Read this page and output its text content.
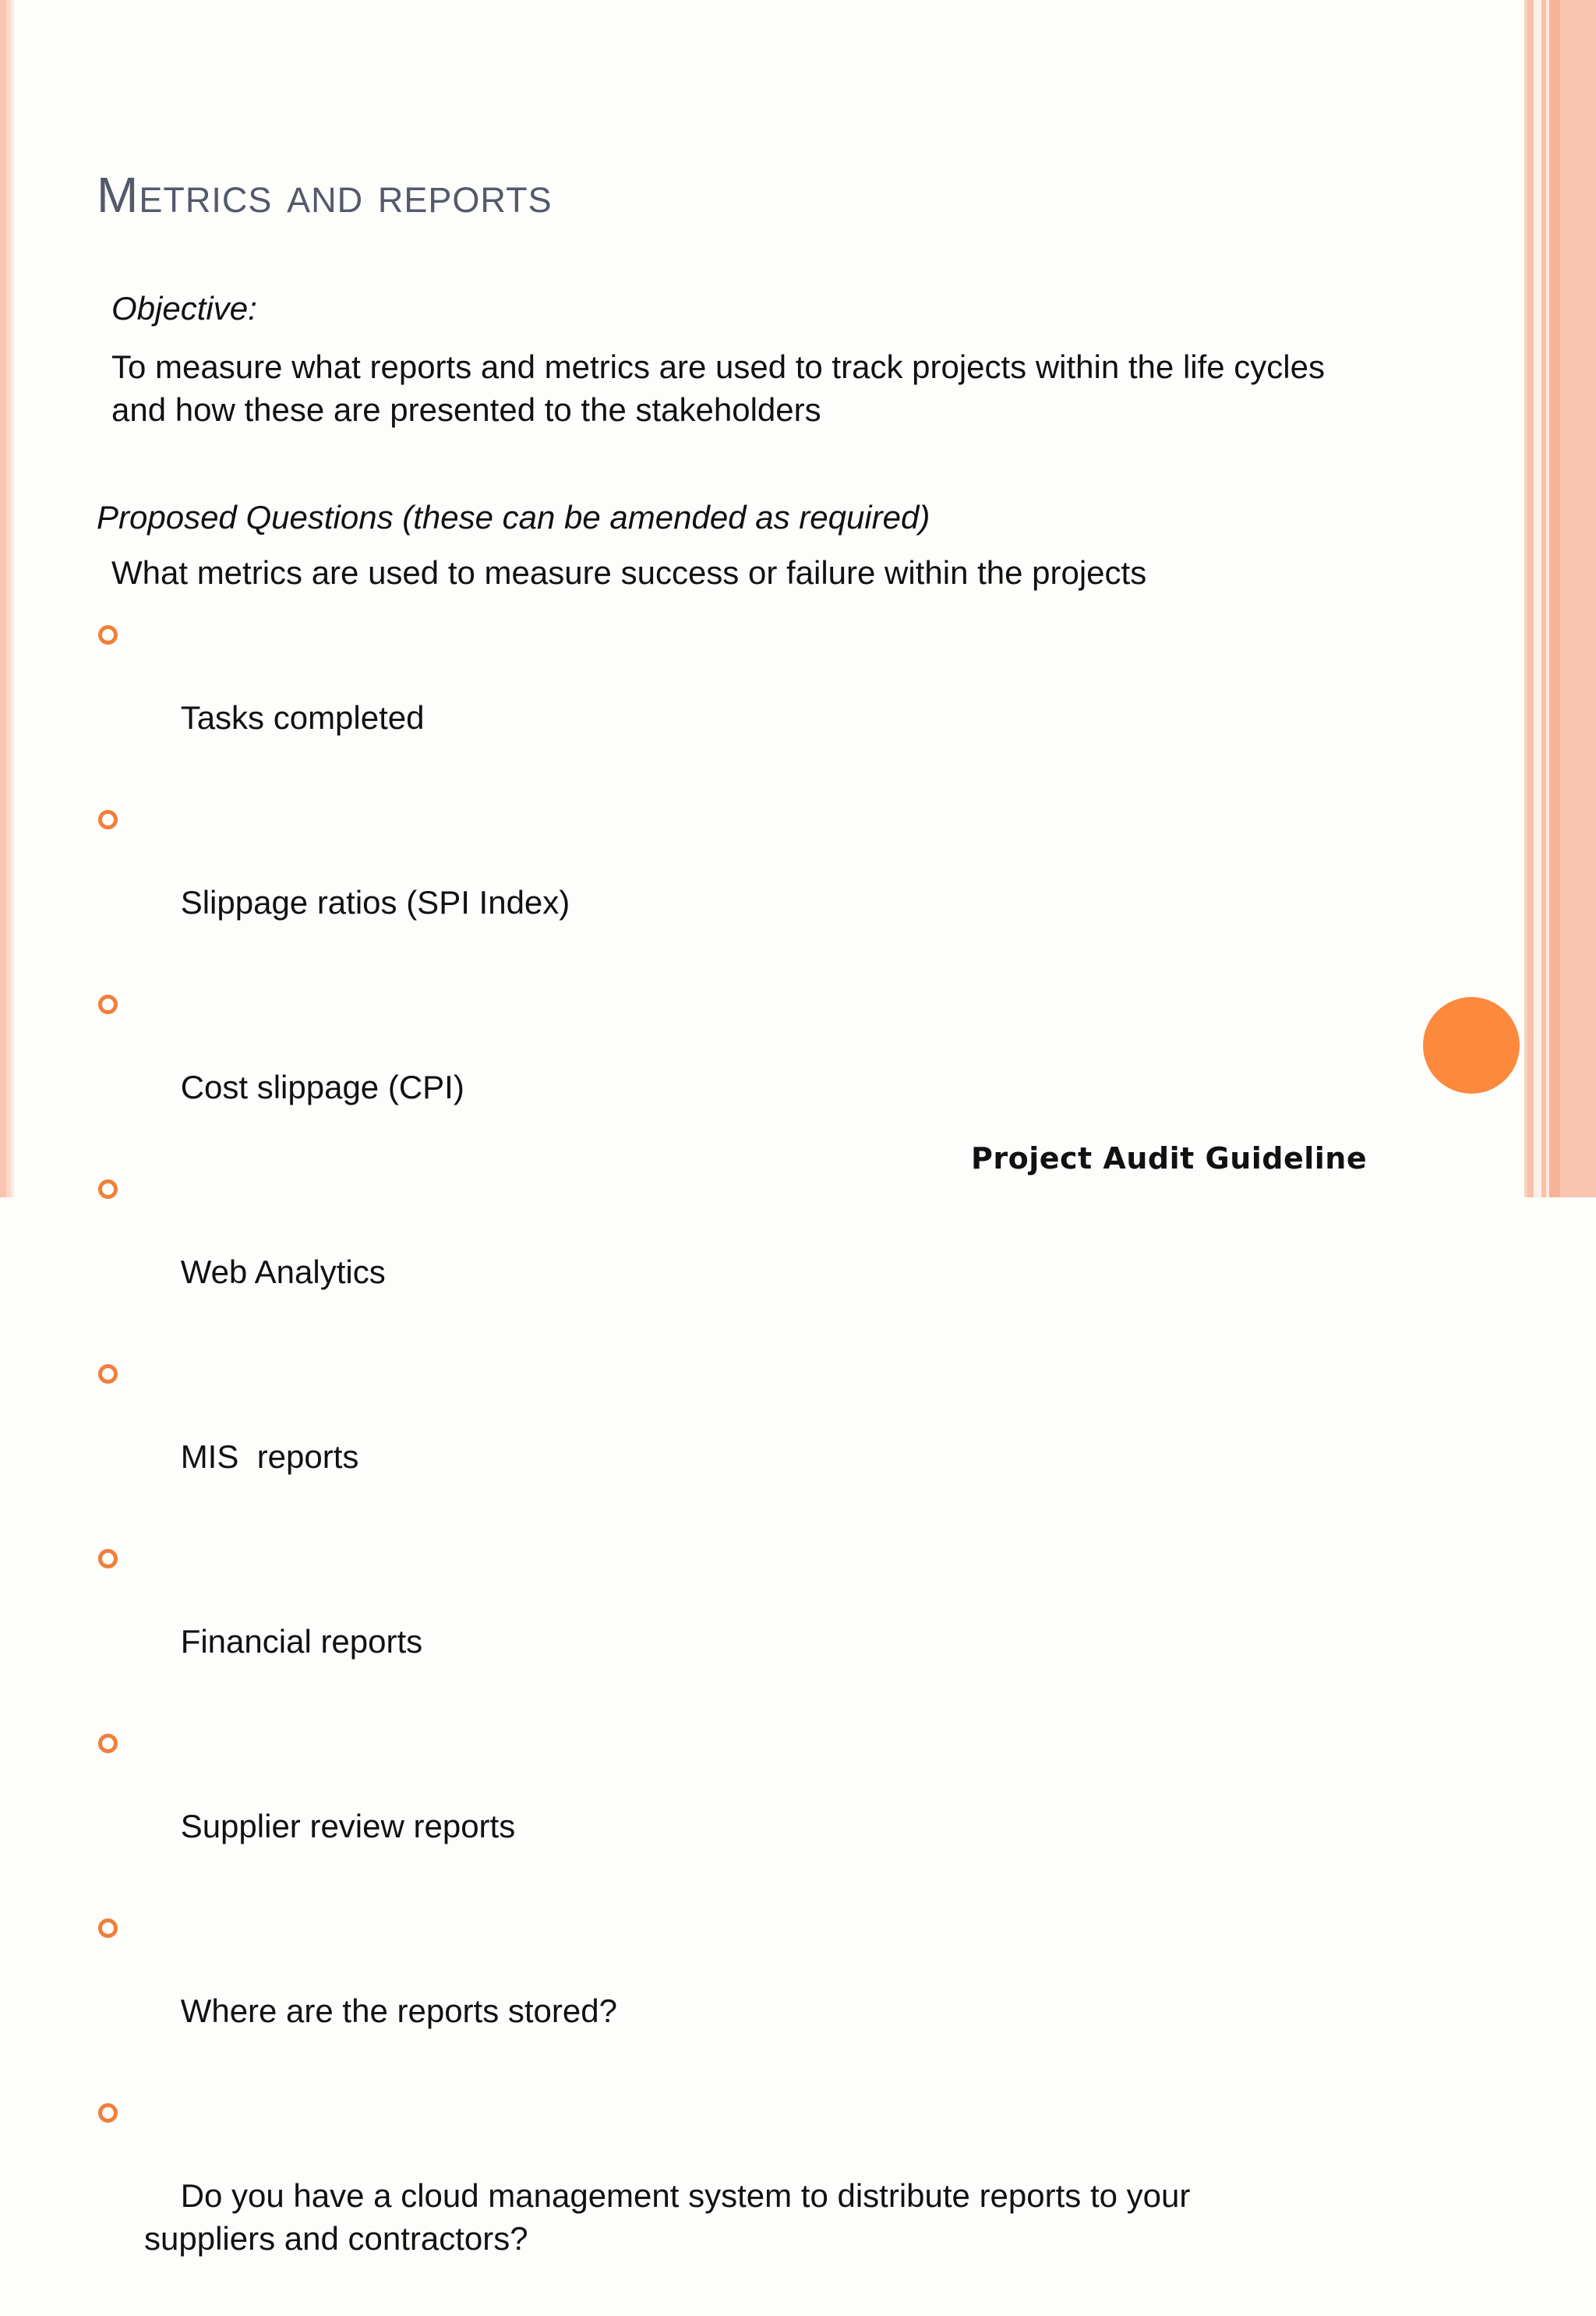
Metrics and reports
Objective:
To measure what reports and metrics are used to track projects within the life cycles and how these are presented to the stakeholders
Proposed Questions (these can be amended as required)
What metrics are used to measure success or failure within the projects

Tasks completed

Slippage ratios (SPI Index)

Cost slippage (CPI)

Web Analytics

MIS  reports

Financial reports

Supplier review reports

Where are the reports stored?

Do you have a cloud management system to distribute reports to your suppliers and contractors?

Project Audit Guideline
